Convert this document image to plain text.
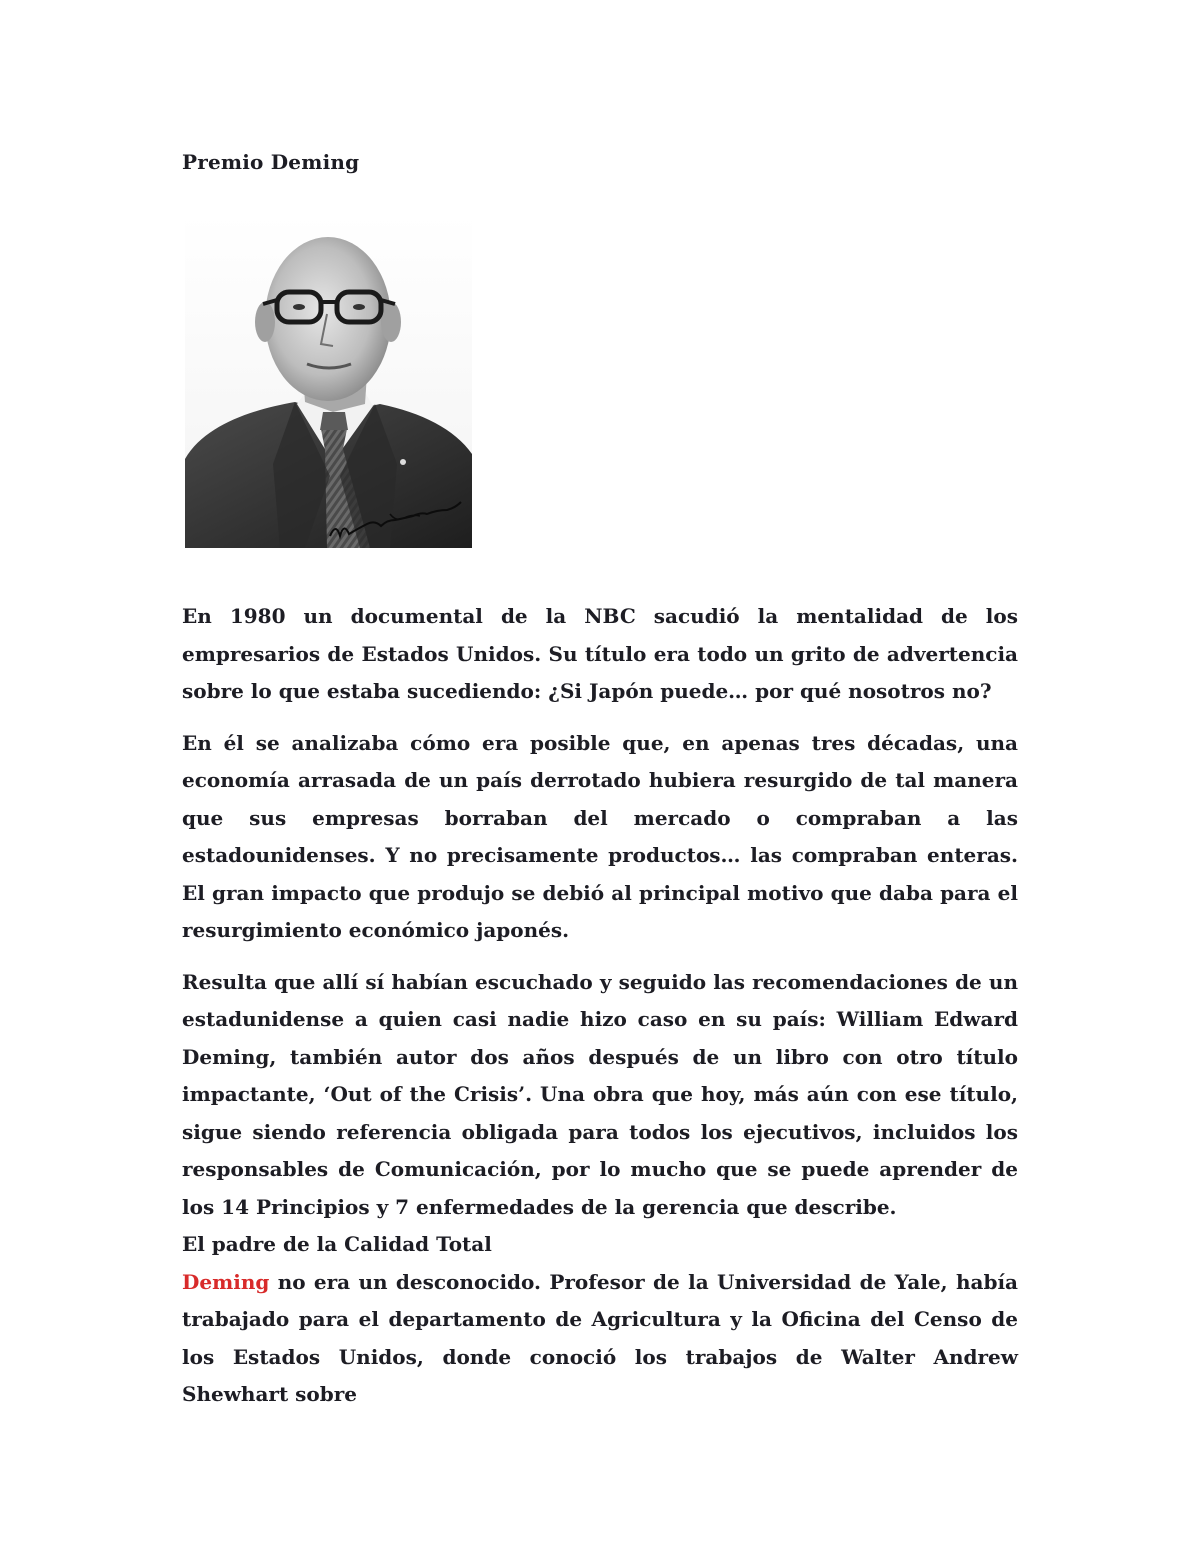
Premio Deming

En 1980 un documental de la NBC sacudió la mentalidad de los empresarios de Estados Unidos. Su título era todo un grito de advertencia sobre lo que estaba sucediendo: ¿Si Japón puede… por qué nosotros no?

En él se analizaba cómo era posible que, en apenas tres décadas, una economía arrasada de un país derrotado hubiera resurgido de tal manera que sus empresas borraban del mercado o compraban a las estadounidenses. Y no precisamente productos… las compraban enteras. El gran impacto que produjo se debió al principal motivo que daba para el resurgimiento económico japonés.

Resulta que allí sí habían escuchado y seguido las recomendaciones de un estadunidense a quien casi nadie hizo caso en su país: William Edward Deming, también autor dos años después de un libro con otro título impactante, ‘Out of the Crisis’. Una obra que hoy, más aún con ese título, sigue siendo referencia obligada para todos los ejecutivos, incluidos los responsables de Comunicación, por lo mucho que se puede aprender de los 14 Principios y 7 enfermedades de la gerencia que describe.

El padre de la Calidad Total

Deming no era un desconocido. Profesor de la Universidad de Yale, había trabajado para el departamento de Agricultura y la Oficina del Censo de los Estados Unidos, donde conoció los trabajos de Walter Andrew Shewhart sobre
